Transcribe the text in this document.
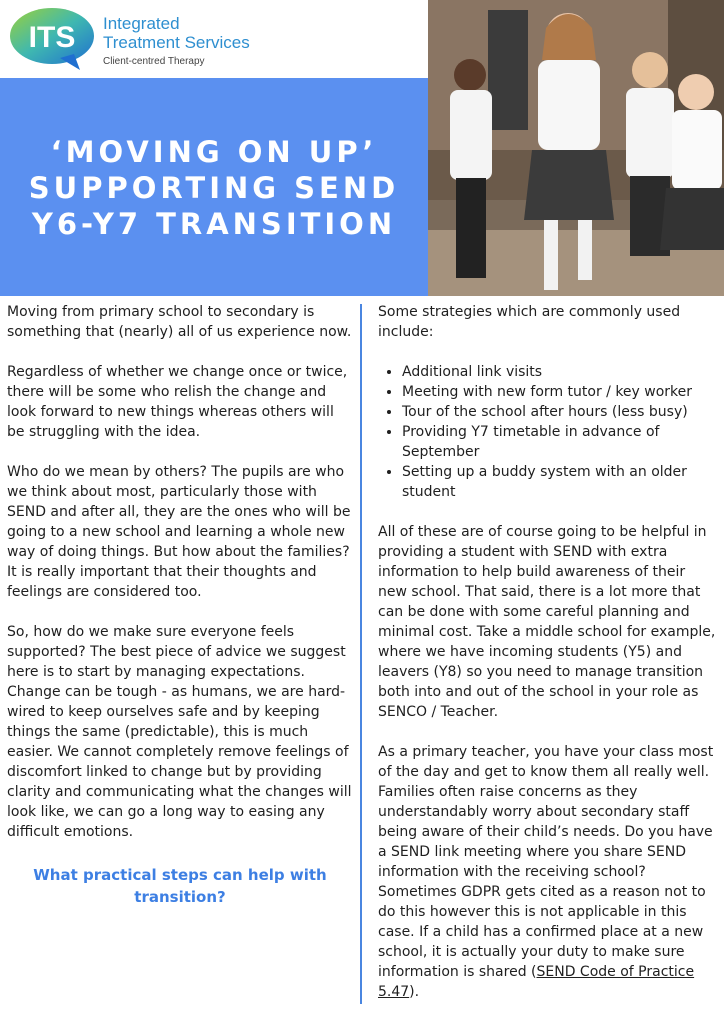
ITS Integrated
Treatment Services
Client-centred Therapy
‘MOVING ON UP’
SUPPORTING SEND
Y6-Y7 TRANSITION

Moving from primary school to secondary is something that (nearly) all of us experience now.

Regardless of whether we change once or twice, there will be some who relish the change and look forward to new things whereas others will be struggling with the idea.

Who do we mean by others? The pupils are who we think about most, particularly those with SEND and after all, they are the ones who will be going to a new school and learning a whole new way of doing things. But how about the families? It is really important that their thoughts and feelings are considered too.

So, how do we make sure everyone feels supported? The best piece of advice we suggest here is to start by managing expectations. Change can be tough - as humans, we are hard-wired to keep ourselves safe and by keeping things the same (predictable), this is much easier. We cannot completely remove feelings of discomfort linked to change but by providing clarity and communicating what the changes will look like, we can go a long way to easing any difficult emotions.

What practical steps can help with transition?

Some strategies which are commonly used include:

• Additional link visits
• Meeting with new form tutor / key worker
• Tour of the school after hours (less busy)
• Providing Y7 timetable in advance of September
• Setting up a buddy system with an older student

All of these are of course going to be helpful in providing a student with SEND with extra information to help build awareness of their new school. That said, there is a lot more that can be done with some careful planning and minimal cost. Take a middle school for example, where we have incoming students (Y5) and leavers (Y8) so you need to manage transition both into and out of the school in your role as SENCO / Teacher.

As a primary teacher, you have your class most of the day and get to know them all really well. Families often raise concerns as they understandably worry about secondary staff being aware of their child’s needs. Do you have a SEND link meeting where you share SEND information with the receiving school? Sometimes GDPR gets cited as a reason not to do this however this is not applicable in this case. If a child has a confirmed place at a new school, it is actually your duty to make sure information is shared (SEND Code of Practice 5.47).
